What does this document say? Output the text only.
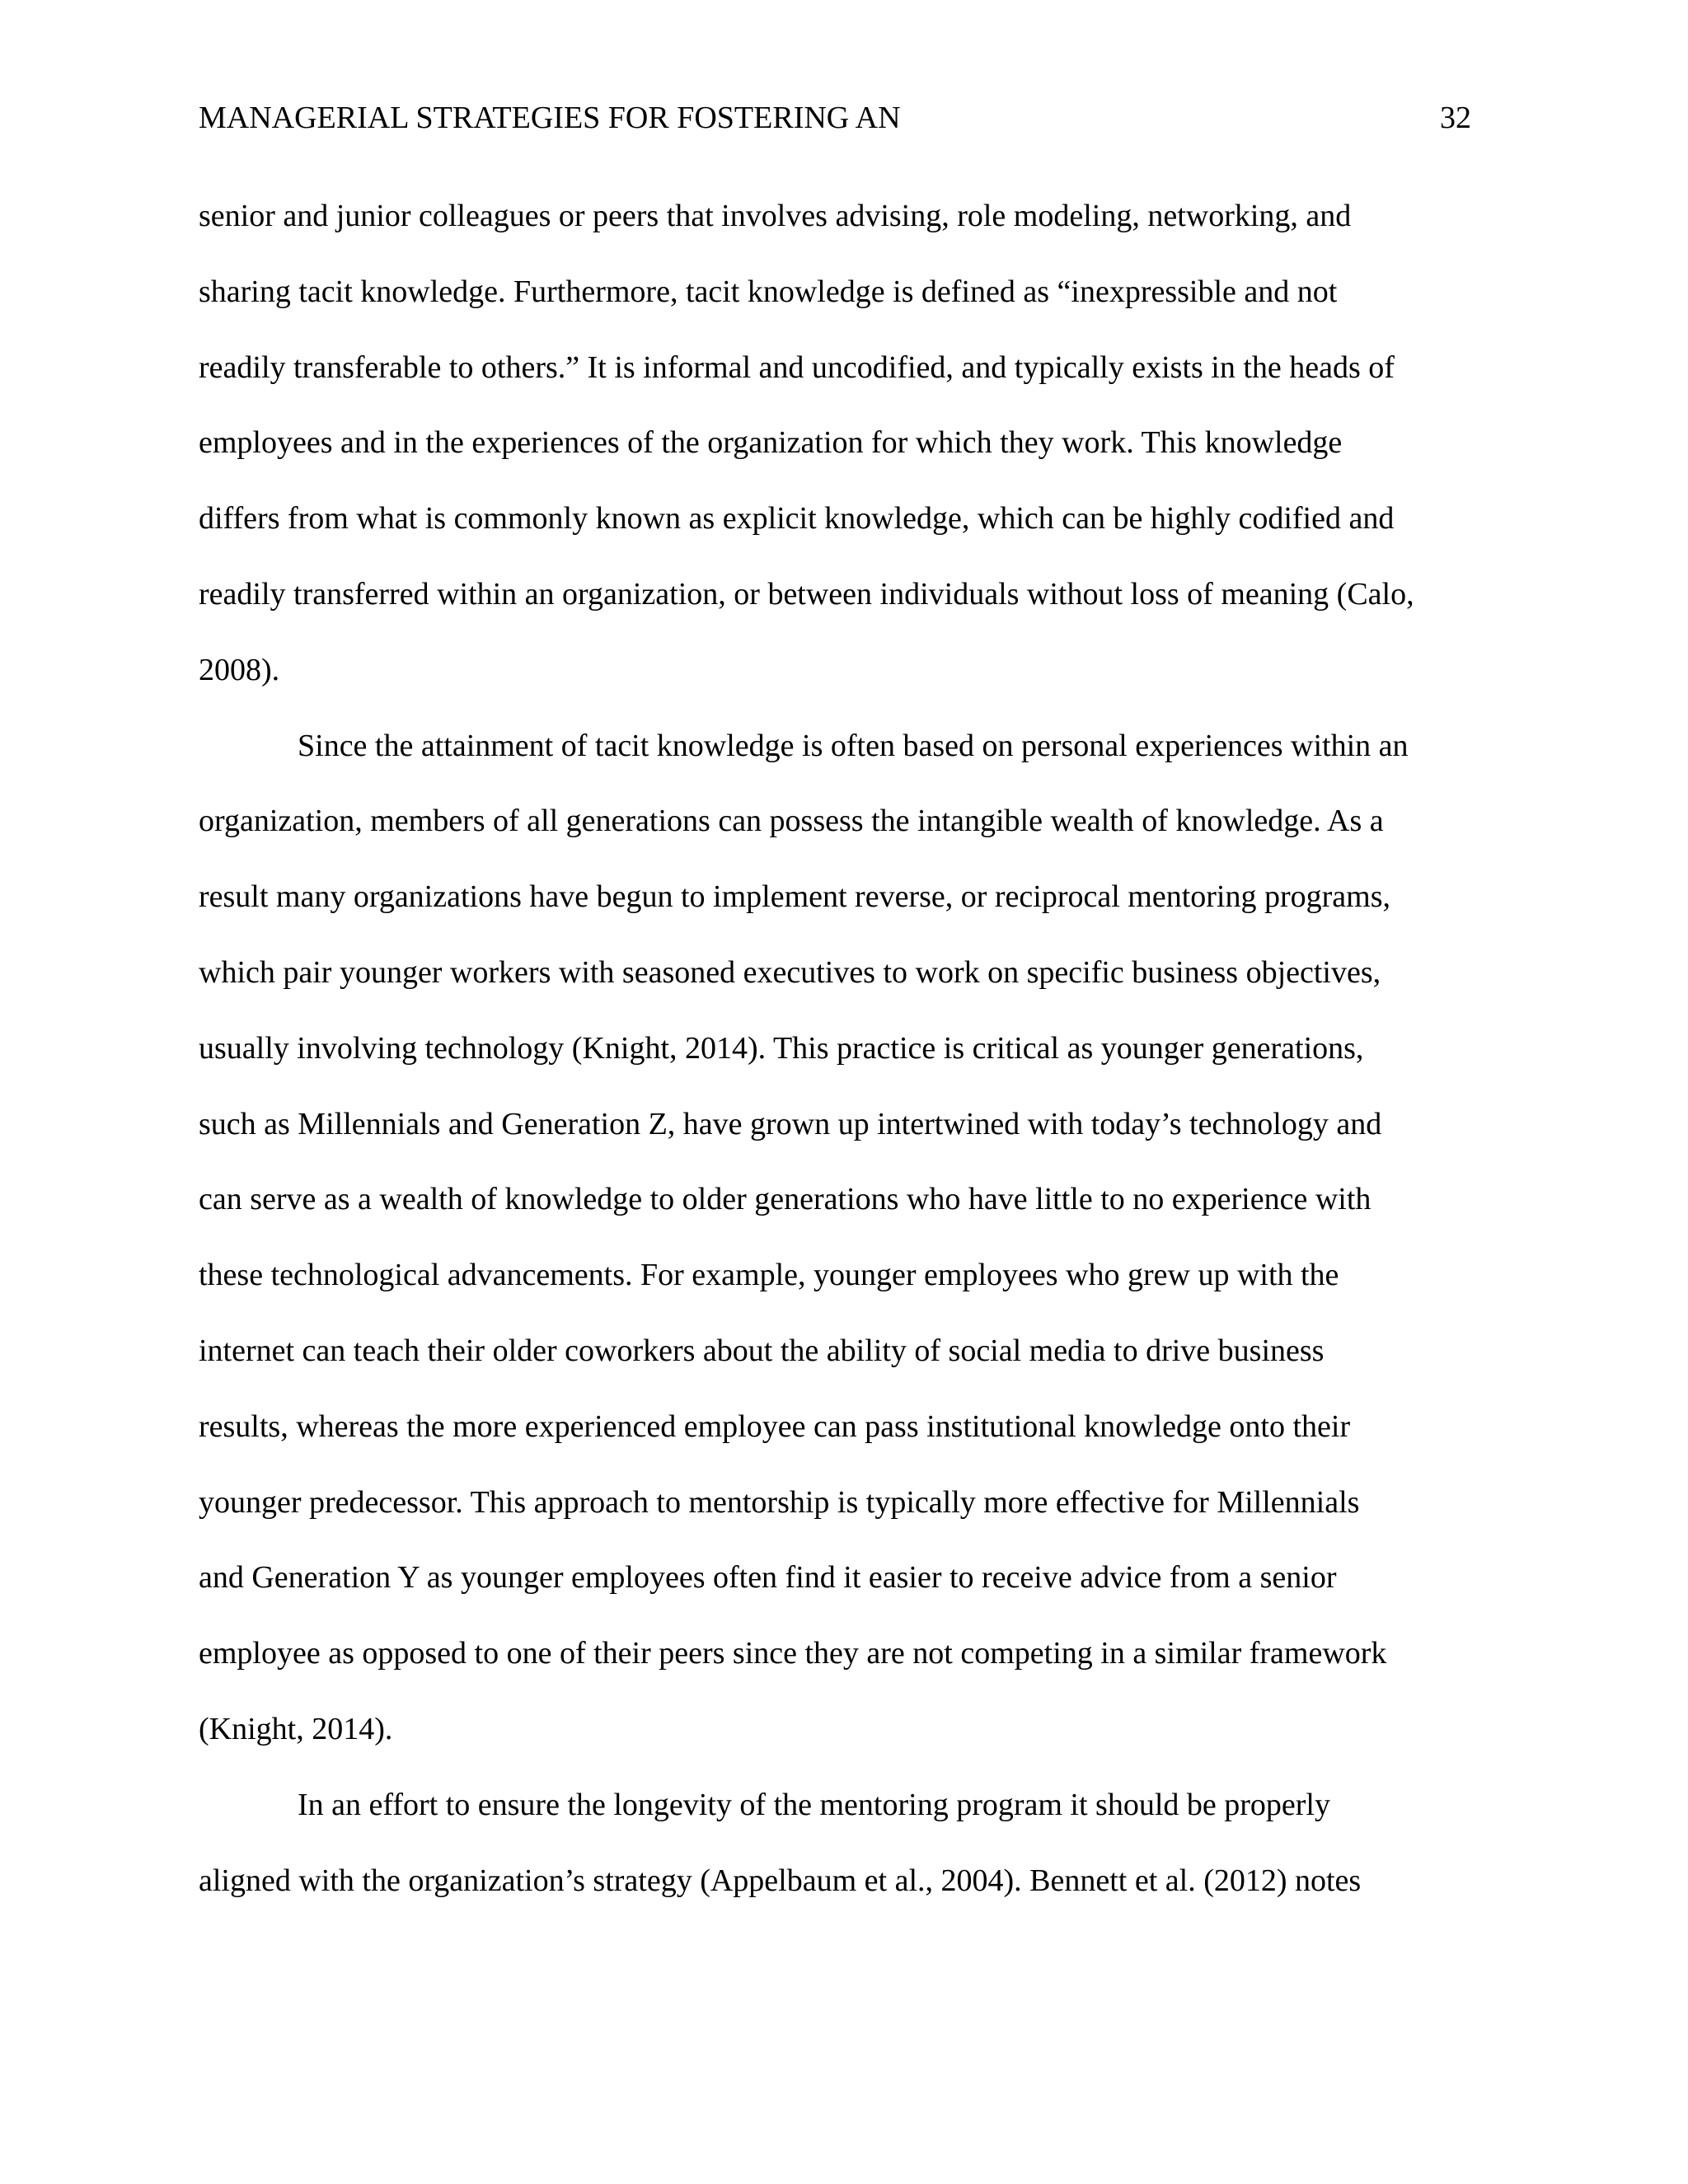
MANAGERIAL STRATEGIES FOR FOSTERING AN	32
senior and junior colleagues or peers that involves advising, role modeling, networking, and
sharing tacit knowledge. Furthermore, tacit knowledge is defined as “inexpressible and not
readily transferable to others.” It is informal and uncodified, and typically exists in the heads of
employees and in the experiences of the organization for which they work. This knowledge
differs from what is commonly known as explicit knowledge, which can be highly codified and
readily transferred within an organization, or between individuals without loss of meaning (Calo,
2008).
Since the attainment of tacit knowledge is often based on personal experiences within an
organization, members of all generations can possess the intangible wealth of knowledge. As a
result many organizations have begun to implement reverse, or reciprocal mentoring programs,
which pair younger workers with seasoned executives to work on specific business objectives,
usually involving technology (Knight, 2014). This practice is critical as younger generations,
such as Millennials and Generation Z, have grown up intertwined with today’s technology and
can serve as a wealth of knowledge to older generations who have little to no experience with
these technological advancements. For example, younger employees who grew up with the
internet can teach their older coworkers about the ability of social media to drive business
results, whereas the more experienced employee can pass institutional knowledge onto their
younger predecessor. This approach to mentorship is typically more effective for Millennials
and Generation Y as younger employees often find it easier to receive advice from a senior
employee as opposed to one of their peers since they are not competing in a similar framework
(Knight, 2014).
In an effort to ensure the longevity of the mentoring program it should be properly
aligned with the organization’s strategy (Appelbaum et al., 2004). Bennett et al. (2012) notes
